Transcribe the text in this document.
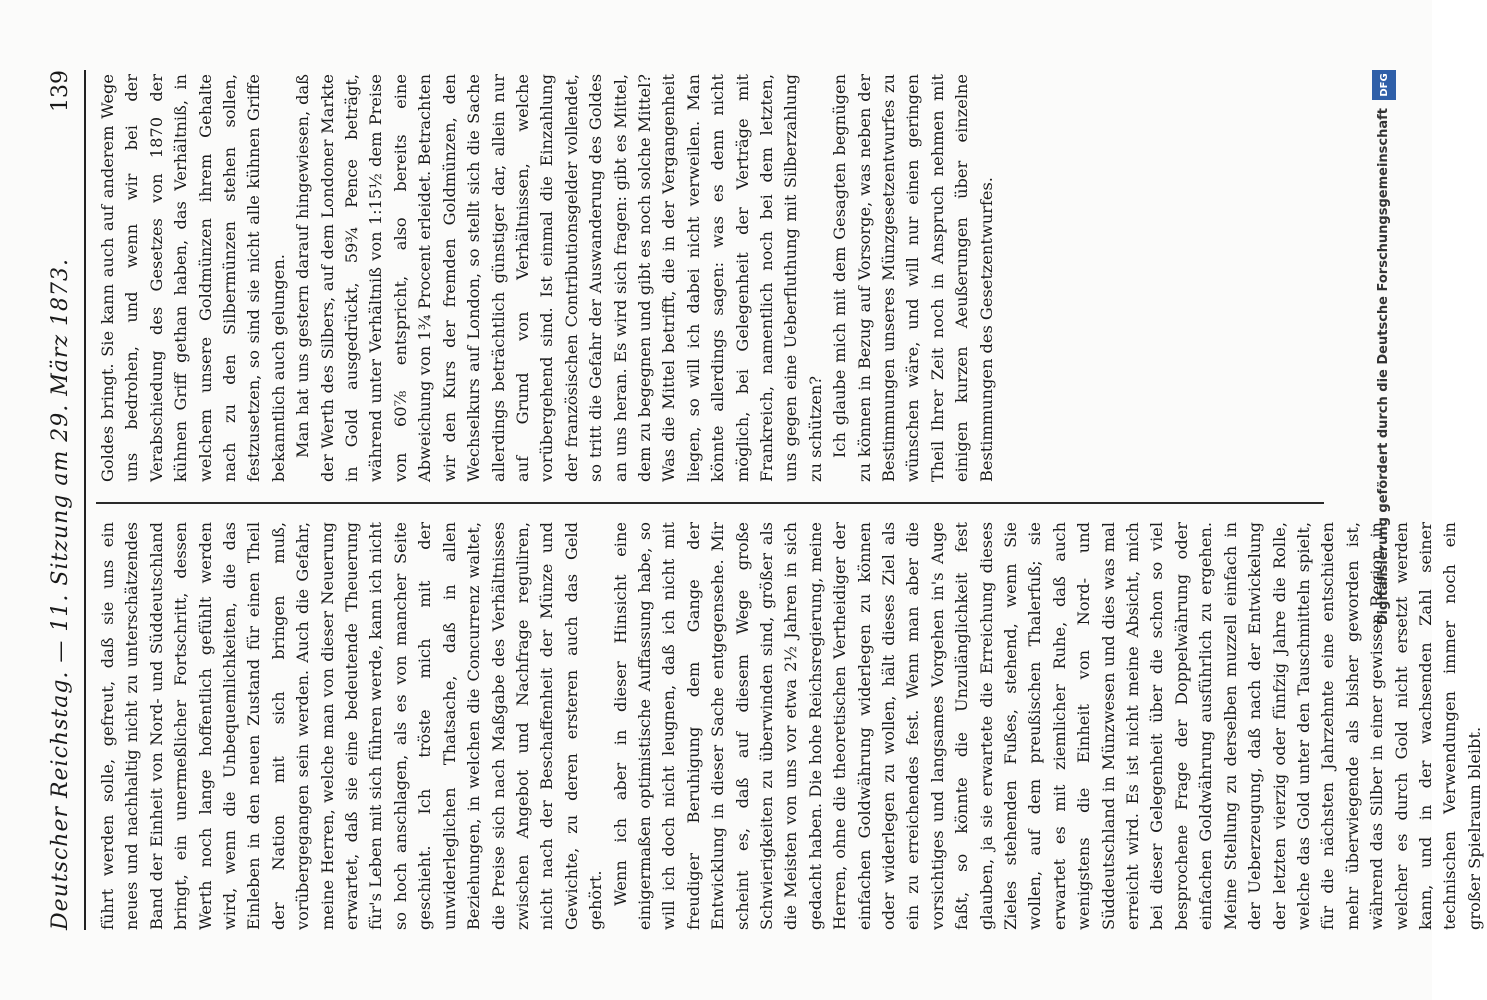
Deutscher Reichstag. — 11. Sitzung am 29. März 1873.
139

führt werden solle, gefreut, daß sie uns ein neues und nachhaltig nicht zu unterschätzendes Band der Einheit von Nord- und Süddeutschland bringt, ein unermeßlicher Fortschritt, dessen Werth noch lange hoffentlich gefühlt werden wird, wenn die Unbequemlichkeiten, die das Einleben in den neuen Zustand für einen Theil der Nation mit sich bringen muß, vorübergegangen sein werden. Auch die Gefahr, meine Herren, welche man von dieser Neuerung erwartet, daß sie eine bedeutende Theuerung für's Leben mit sich führen werde, kann ich nicht so hoch anschlagen, als es von mancher Seite geschieht. Ich tröste mich mit der unwiderleglichen Thatsache, daß in allen Beziehungen, in welchen die Concurrenz waltet, die Preise sich nach Maßgabe des Verhältnisses zwischen Angebot und Nachfrage reguliren, nicht nach der Beschaffenheit der Münze und Gewichte, zu deren ersteren auch das Geld gehört. Wenn ich aber in dieser Hinsicht eine einigermaßen optimistische Auffassung habe, so will ich doch nicht leugnen, daß ich nicht mit freudiger Beruhigung dem Gange der Entwicklung in dieser Sache entgegensehe. Mir scheint es, daß auf diesem Wege große Schwierigkeiten zu überwinden sind, größer als die Meisten von uns vor etwa 2½ Jahren in sich gedacht haben. Die hohe Reichsregierung, meine Herren, ohne die theoretischen Vertheidiger der einfachen Goldwährung widerlegen zu können oder widerlegen zu wollen, hält dieses Ziel als ein zu erreichendes fest. Wenn man aber die vorsichtiges und langsames Vorgehen in's Auge faßt, so könnte die Unzulänglichkeit fest glauben, ja sie erwartete die Erreichung dieses Zieles stehenden Fußes, stehend, wenn Sie wollen, auf dem preußischen Thalerfuß; sie erwartet es mit ziemlicher Ruhe, daß auch wenigstens die Einheit von Nord- und Süddeutschland in Münzwesen und dies was mal erreicht wird. Es ist nicht meine Absicht, mich bei dieser Gelegenheit über die schon so viel besprochene Frage der Doppelwährung oder einfachen Goldwährung ausführlich zu ergehen. Meine Stellung zu derselben muzzell einfach in der Ueberzeugung, daß nach der Entwickelung der letzten vierzig oder fünfzig Jahre die Rolle, welche das Gold unter den Tauschmitteln spielt, für die nächsten Jahrzehnte eine entschieden mehr überwiegende als bisher geworden ist, während das Silber in einer gewissen Region, in welcher es durch Gold nicht ersetzt werden kann, und in der wachsenden Zahl seiner technischen Verwendungen immer noch ein großer Spielraum bleibt.

Goldes bringt. Sie kann auch auf anderem Wege uns bedrohen, und wenn wir bei der Verabschiedung des Gesetzes von 1870 der kühnen Griff gethan haben, das Verhältniß, in welchem unsere Goldmünzen ihrem Gehalte nach zu den Silbermünzen stehen sollen, festzusetzen, so sind sie nicht alle kühnen Griffe bekanntlich auch gelungen. Man hat uns gestern darauf hingewiesen, daß der Werth des Silbers, auf dem Londoner Markte in Gold ausgedrückt, 59¾ Pence beträgt, während unter Verhältniß von 1:15½ dem Preise von 60⅞ entspricht, also bereits eine Abweichung von 1¾ Procent erleidet. Betrachten wir den Kurs der fremden Goldmünzen, den Wechselkurs auf London, so stellt sich die Sache allerdings beträchtlich günstiger dar, allein nur auf Grund von Verhältnissen, welche vorübergehend sind. Ist einmal die Einzahlung der französischen Contributionsgelder vollendet, so tritt die Gefahr der Auswanderung des Goldes an uns heran. Es wird sich fragen: gibt es Mittel, dem zu begegnen und gibt es noch solche Mittel? Was die Mittel betrifft, die in der Vergangenheit liegen, so will ich dabei nicht verweilen. Man könnte allerdings sagen: was es denn nicht möglich, bei Gelegenheit der Verträge mit Frankreich, namentlich noch bei dem letzten, uns gegen eine Ueberfluthung mit Silberzahlung zu schützen? Ich glaube mich mit dem Gesagten begnügen zu können in Bezug auf Vorsorge, was neben der Bestimmungen unseres Münzgesetzentwurfes zu wünschen wäre, und will nur einen geringen Theil Ihrer Zeit noch in Anspruch nehmen mit einigen kurzen Aeußerungen über einzelne Bestimmungen des Gesetzentwurfes.	Digitalisierung gefördert durch die Deutsche Forschungsgemeinschaft
DFG
